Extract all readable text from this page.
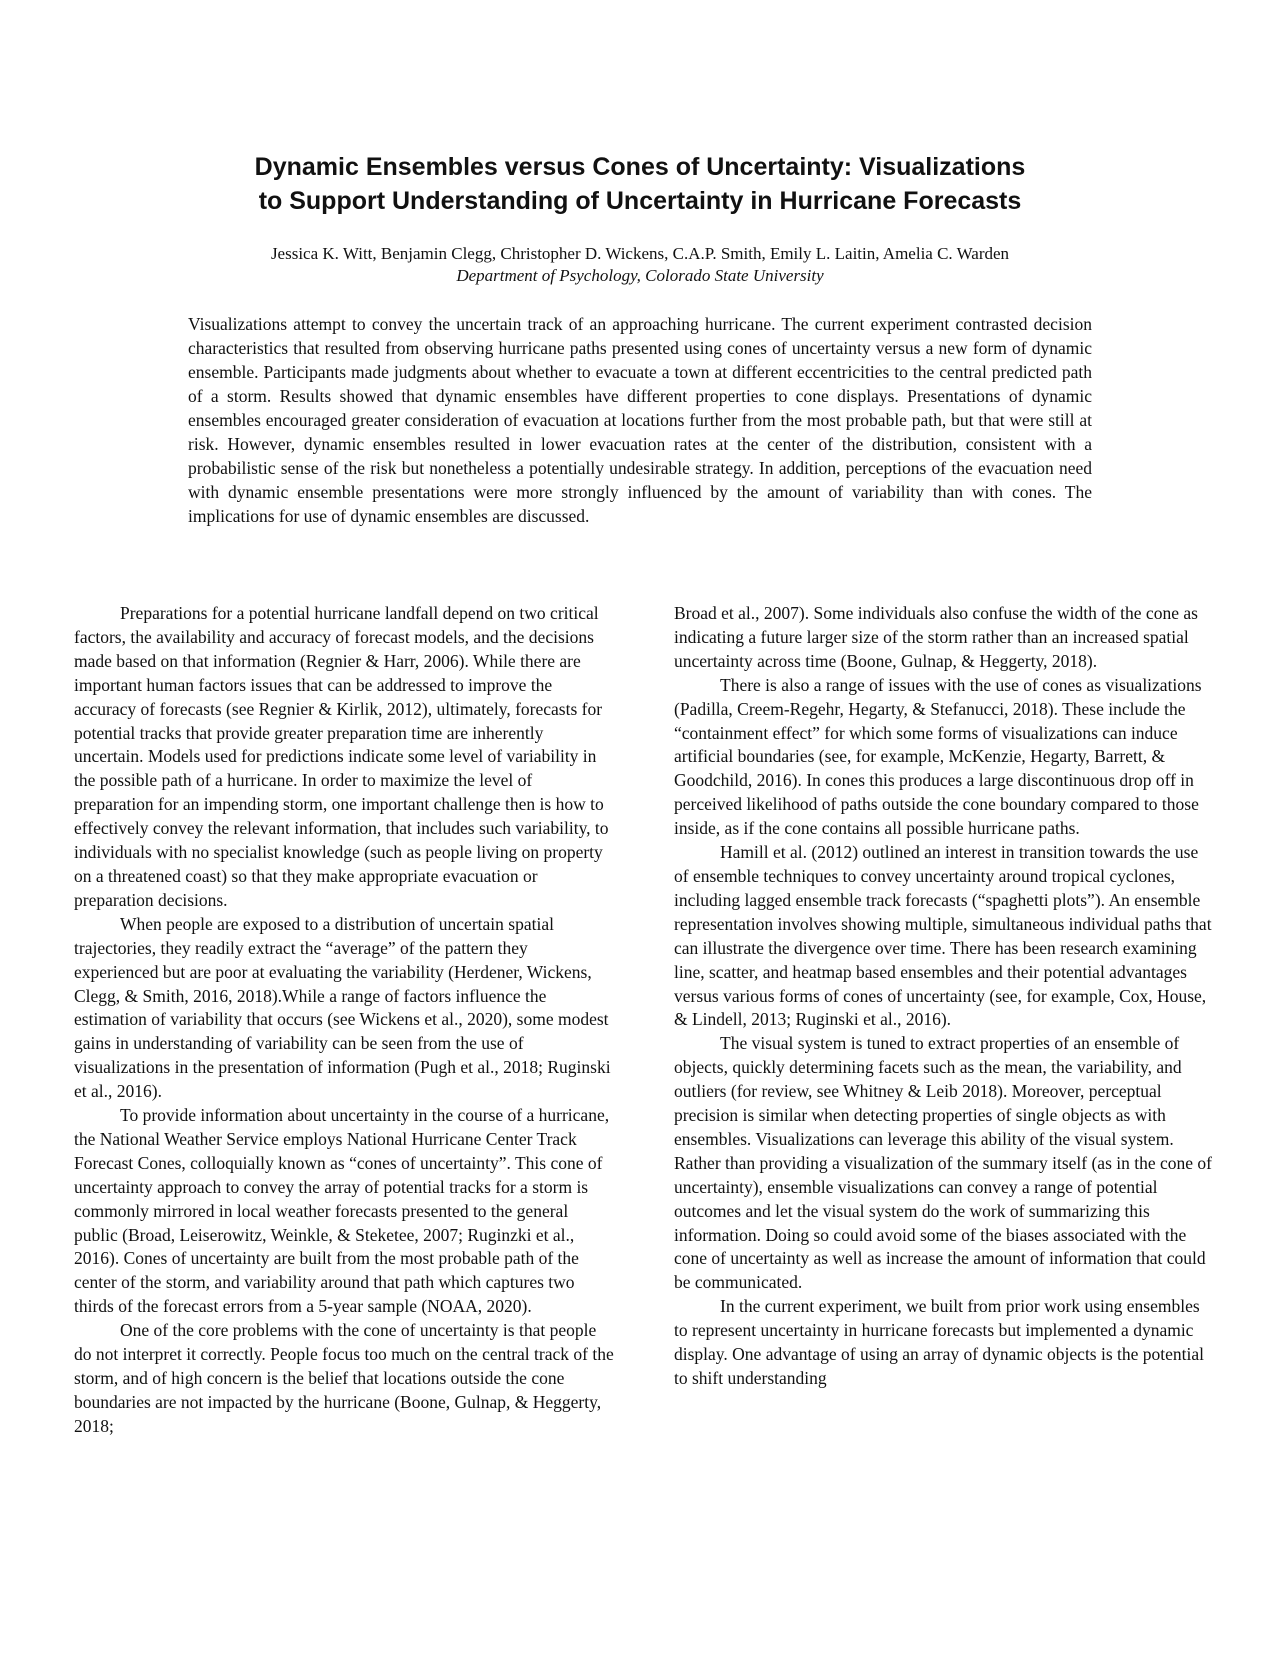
Dynamic Ensembles versus Cones of Uncertainty: Visualizations
to Support Understanding of Uncertainty in Hurricane Forecasts
Jessica K. Witt, Benjamin Clegg, Christopher D. Wickens, C.A.P. Smith, Emily L. Laitin, Amelia C. Warden
Department of Psychology, Colorado State University

Visualizations attempt to convey the uncertain track of an approaching hurricane. The current experiment contrasted decision characteristics that resulted from observing hurricane paths presented using cones of uncertainty versus a new form of dynamic ensemble. Participants made judgments about whether to evacuate a town at different eccentricities to the central predicted path of a storm. Results showed that dynamic ensembles have different properties to cone displays. Presentations of dynamic ensembles encouraged greater consideration of evacuation at locations further from the most probable path, but that were still at risk. However, dynamic ensembles resulted in lower evacuation rates at the center of the distribution, consistent with a probabilistic sense of the risk but nonetheless a potentially undesirable strategy. In addition, perceptions of the evacuation need with dynamic ensemble presentations were more strongly influenced by the amount of variability than with cones. The implications for use of dynamic ensembles are discussed.

Preparations for a potential hurricane landfall depend on two critical factors, the availability and accuracy of forecast models, and the decisions made based on that information (Regnier & Harr, 2006). While there are important human factors issues that can be addressed to improve the accuracy of forecasts (see Regnier & Kirlik, 2012), ultimately, forecasts for potential tracks that provide greater preparation time are inherently uncertain. Models used for predictions indicate some level of variability in the possible path of a hurricane. In order to maximize the level of preparation for an impending storm, one important challenge then is how to effectively convey the relevant information, that includes such variability, to individuals with no specialist knowledge (such as people living on property on a threatened coast) so that they make appropriate evacuation or preparation decisions.

When people are exposed to a distribution of uncertain spatial trajectories, they readily extract the “average” of the pattern they experienced but are poor at evaluating the variability (Herdener, Wickens, Clegg, & Smith, 2016, 2018).While a range of factors influence the estimation of variability that occurs (see Wickens et al., 2020), some modest gains in understanding of variability can be seen from the use of visualizations in the presentation of information (Pugh et al., 2018; Ruginski et al., 2016).

To provide information about uncertainty in the course of a hurricane, the National Weather Service employs National Hurricane Center Track Forecast Cones, colloquially known as “cones of uncertainty”. This cone of uncertainty approach to convey the array of potential tracks for a storm is commonly mirrored in local weather forecasts presented to the general public (Broad, Leiserowitz, Weinkle, & Steketee, 2007; Ruginzki et al., 2016). Cones of uncertainty are built from the most probable path of the center of the storm, and variability around that path which captures two thirds of the forecast errors from a 5-year sample (NOAA, 2020).

One of the core problems with the cone of uncertainty is that people do not interpret it correctly. People focus too much on the central track of the storm, and of high concern is the belief that locations outside the cone boundaries are not impacted by the hurricane (Boone, Gulnap, & Heggerty, 2018;

Broad et al., 2007). Some individuals also confuse the width of the cone as indicating a future larger size of the storm rather than an increased spatial uncertainty across time (Boone, Gulnap, & Heggerty, 2018).

There is also a range of issues with the use of cones as visualizations (Padilla, Creem-Regehr, Hegarty, & Stefanucci, 2018). These include the “containment effect” for which some forms of visualizations can induce artificial boundaries (see, for example, McKenzie, Hegarty, Barrett, & Goodchild, 2016). In cones this produces a large discontinuous drop off in perceived likelihood of paths outside the cone boundary compared to those inside, as if the cone contains all possible hurricane paths.

Hamill et al. (2012) outlined an interest in transition towards the use of ensemble techniques to convey uncertainty around tropical cyclones, including lagged ensemble track forecasts (“spaghetti plots”). An ensemble representation involves showing multiple, simultaneous individual paths that can illustrate the divergence over time. There has been research examining line, scatter, and heatmap based ensembles and their potential advantages versus various forms of cones of uncertainty (see, for example, Cox, House, & Lindell, 2013; Ruginski et al., 2016).

The visual system is tuned to extract properties of an ensemble of objects, quickly determining facets such as the mean, the variability, and outliers (for review, see Whitney & Leib 2018). Moreover, perceptual precision is similar when detecting properties of single objects as with ensembles. Visualizations can leverage this ability of the visual system. Rather than providing a visualization of the summary itself (as in the cone of uncertainty), ensemble visualizations can convey a range of potential outcomes and let the visual system do the work of summarizing this information. Doing so could avoid some of the biases associated with the cone of uncertainty as well as increase the amount of information that could be communicated.

In the current experiment, we built from prior work using ensembles to represent uncertainty in hurricane forecasts but implemented a dynamic display. One advantage of using an array of dynamic objects is the potential to shift understanding
